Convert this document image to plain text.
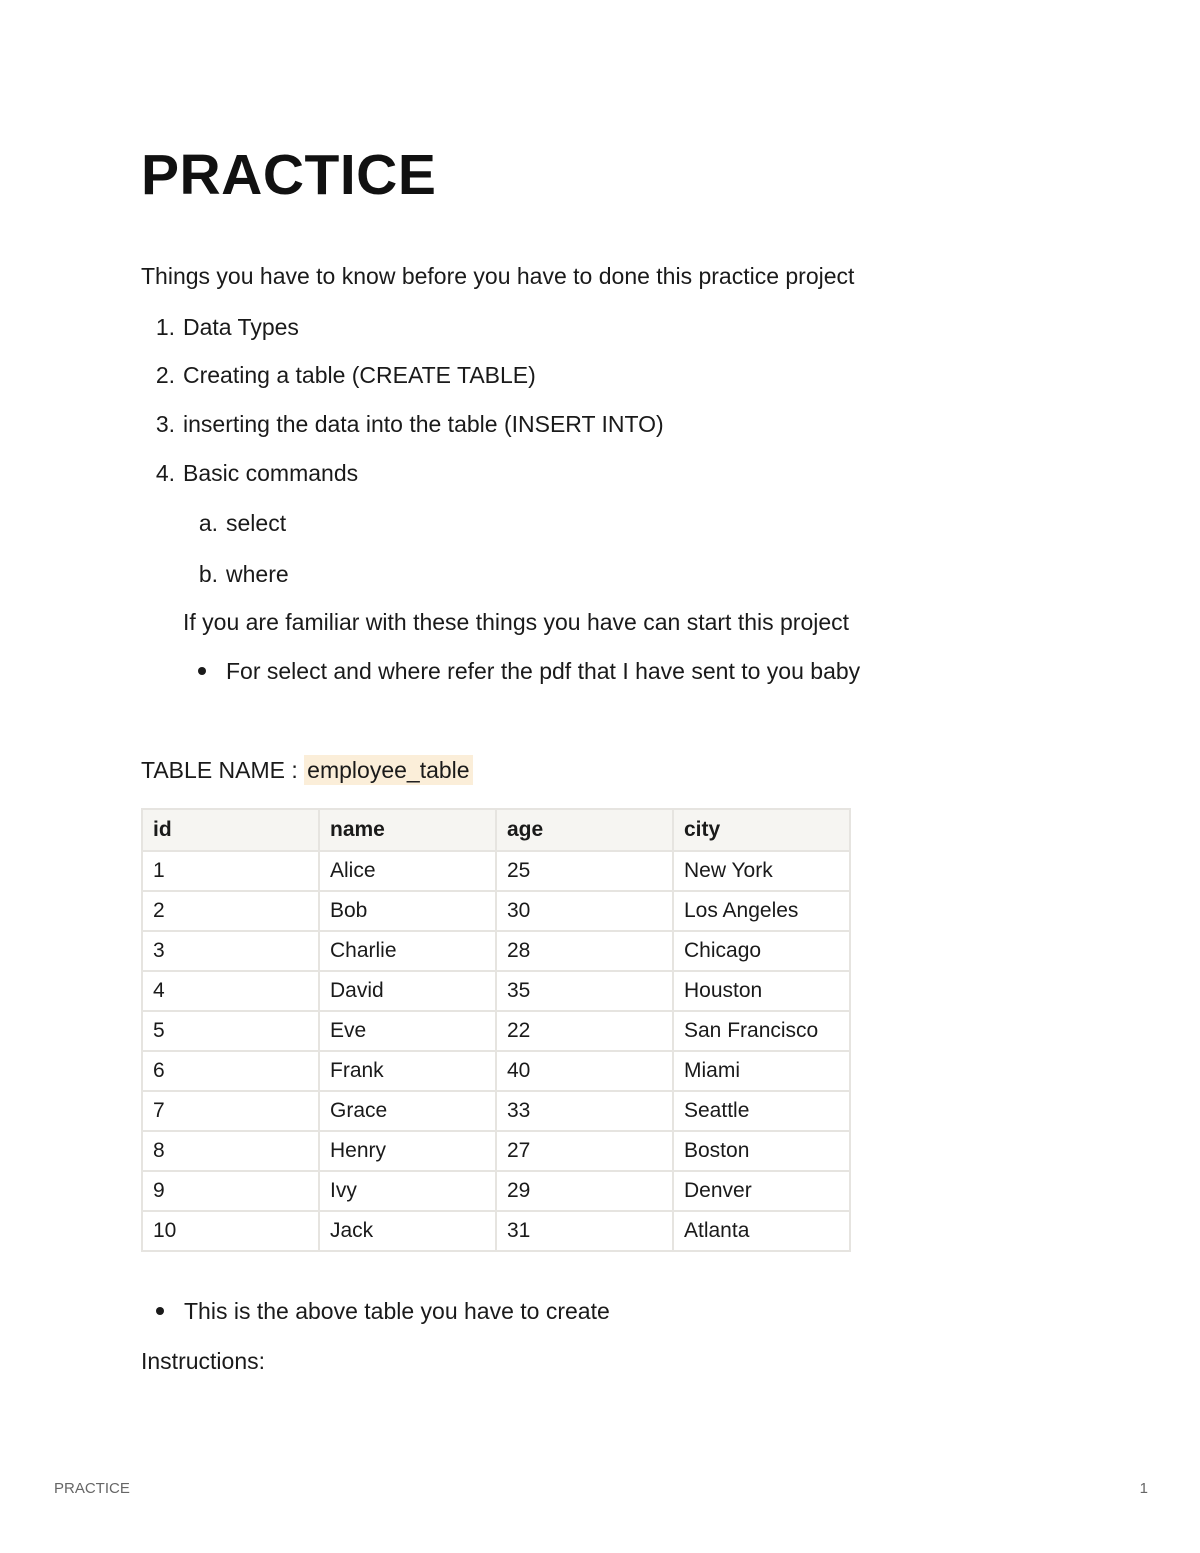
PRACTICE
Things you have to know before you have to done this practice project
1. Data Types
2. Creating a table (CREATE TABLE)
3. inserting the data into the table (INSERT INTO)
4. Basic commands
a. select
b. where
If you are familiar with these things you have can start this project
For select and where refer the pdf that I have sent to you baby
TABLE NAME : employee_table
id	name	age	city
1	Alice	25	New York
2	Bob	30	Los Angeles
3	Charlie	28	Chicago
4	David	35	Houston
5	Eve	22	San Francisco
6	Frank	40	Miami
7	Grace	33	Seattle
8	Henry	27	Boston
9	Ivy	29	Denver
10	Jack	31	Atlanta
This is the above table you have to create
Instructions:
PRACTICE	1
